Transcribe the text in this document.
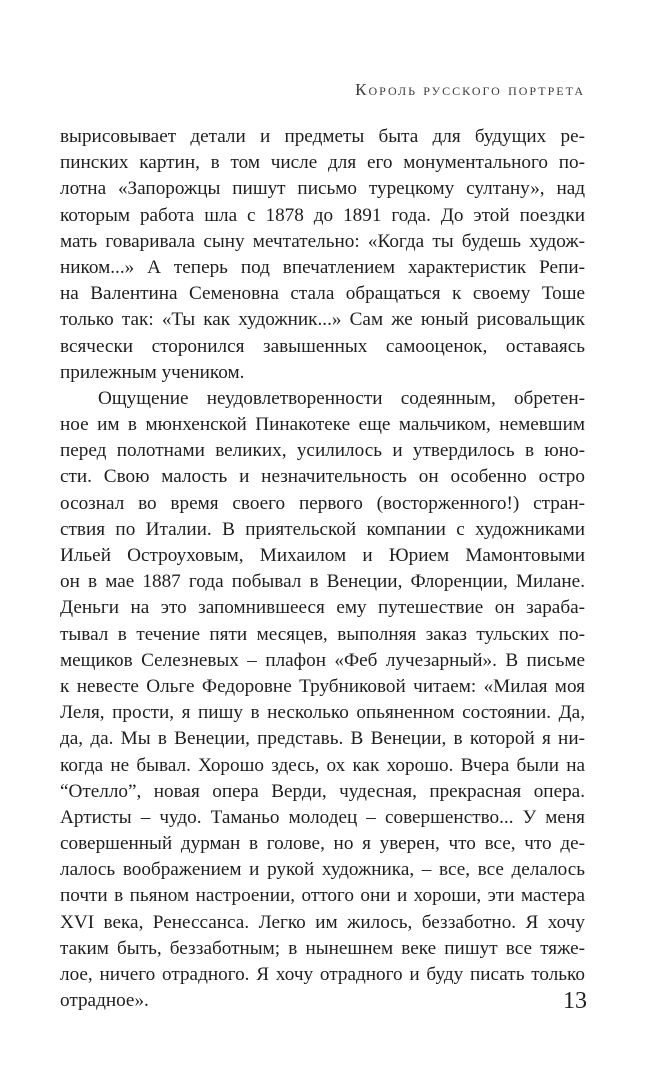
Король русского портрета
вырисовывает детали и предметы быта для будущих ре-
пинских картин, в том числе для его монументального по-
лотна «Запорожцы пишут письмо турецкому султану», над
которым работа шла с 1878 до 1891 года. До этой поездки
мать говаривала сыну мечтательно: «Когда ты будешь худож-
ником...» А теперь под впечатлением характеристик Репи-
на Валентина Семеновна стала обращаться к своему Тоше
только так: «Ты как художник...» Сам же юный рисовальщик
всячески сторонился завышенных самооценок, оставаясь
прилежным учеником.
Ощущение неудовлетворенности содеянным, обретен-
ное им в мюнхенской Пинакотеке еще мальчиком, немевшим
перед полотнами великих, усилилось и утвердилось в юно-
сти. Свою малость и незначительность он особенно остро
осознал во время своего первого (восторженного!) стран-
ствия по Италии. В приятельской компании с художниками
Ильей Остроуховым, Михаилом и Юрием Мамонтовыми
он в мае 1887 года побывал в Венеции, Флоренции, Милане.
Деньги на это запомнившееся ему путешествие он зараба-
тывал в течение пяти месяцев, выполняя заказ тульских по-
мещиков Селезневых – плафон «Феб лучезарный». В письме
к невесте Ольге Федоровне Трубниковой читаем: «Милая моя
Леля, прости, я пишу в несколько опьяненном состоянии. Да,
да, да. Мы в Венеции, представь. В Венеции, в которой я ни-
когда не бывал. Хорошо здесь, ох как хорошо. Вчера были на
“Отелло”, новая опера Верди, чудесная, прекрасная опера.
Артисты – чудо. Таманьо молодец – совершенство... У меня
совершенный дурман в голове, но я уверен, что все, что де-
лалось воображением и рукой художника, – все, все делалось
почти в пьяном настроении, оттого они и хороши, эти мастера
XVI века, Ренессанса. Легко им жилось, беззаботно. Я хочу
таким быть, беззаботным; в нынешнем веке пишут все тяже-
лое, ничего отрадного. Я хочу отрадного и буду писать только
отрадное».	13
